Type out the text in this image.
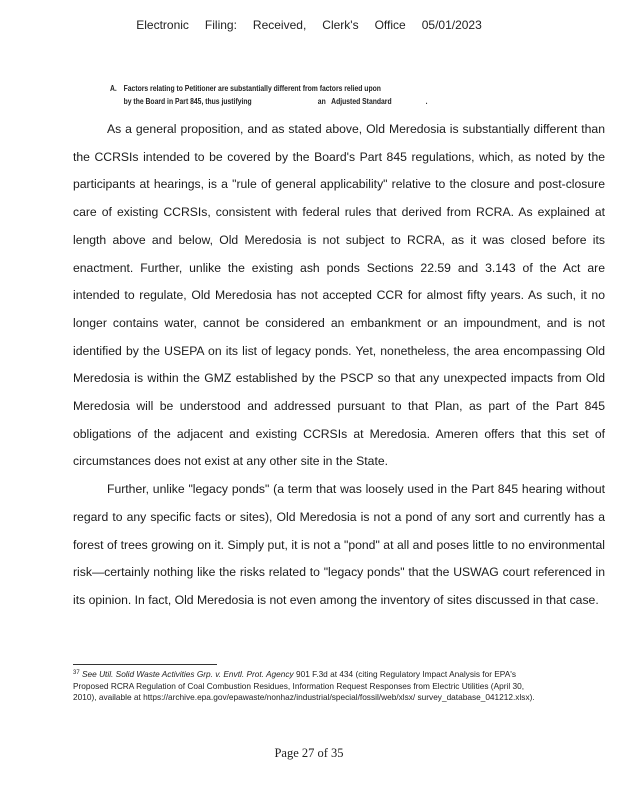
Electronic Filing: Received, Clerk's Office 05/01/2023
A. Factors relating to Petitioner are substantially different from factors relied upon
by the Board in Part 845, thus justifying                                   an   Adjusted Standard                  .

As a general proposition, and as stated above, Old Meredosia is substantially different than the CCRSIs intended to be covered by the Board's Part 845 regulations, which, as noted by the participants at hearings, is a "rule of general applicability" relative to the closure and post-closure care of existing CCRSIs, consistent with federal rules that derived from RCRA. As explained at length above and below, Old Meredosia is not subject to RCRA, as it was closed before its enactment. Further, unlike the existing ash ponds Sections 22.59 and 3.143 of the Act are intended to regulate, Old Meredosia has not accepted CCR for almost fifty years. As such, it no longer contains water, cannot be considered an embankment or an impoundment, and is not identified by the USEPA on its list of legacy ponds. Yet, nonetheless, the area encompassing Old Meredosia is within the GMZ established by the PSCP so that any unexpected impacts from Old Meredosia will be understood and addressed pursuant to that Plan, as part of the Part 845 obligations of the adjacent and existing CCRSIs at Meredosia. Ameren offers that this set of circumstances does not exist at any other site in the State.

Further, unlike "legacy ponds" (a term that was loosely used in the Part 845 hearing without regard to any specific facts or sites), Old Meredosia is not a pond of any sort and currently has a forest of trees growing on it. Simply put, it is not a "pond" at all and poses little to no environmental risk—certainly nothing like the risks related to "legacy ponds" that the USWAG court referenced in its opinion. In fact, Old Meredosia is not even among the inventory of sites discussed in that case.

$^{37}$ See Util. Solid Waste Activities Grp. v. Envtl. Prot. Agency 901 F.3d at 434 (citing Regulatory Impact Analysis for EPA's Proposed RCRA Regulation of Coal Combustion Residues, Information Request Responses from Electric Utilities (April 30, 2010), available at https://archive.epa.gov/epawaste/nonhaz/industrial/special/fossil/web/xlsx/ survey_database_041212.xlsx).
Page 27 of 35
